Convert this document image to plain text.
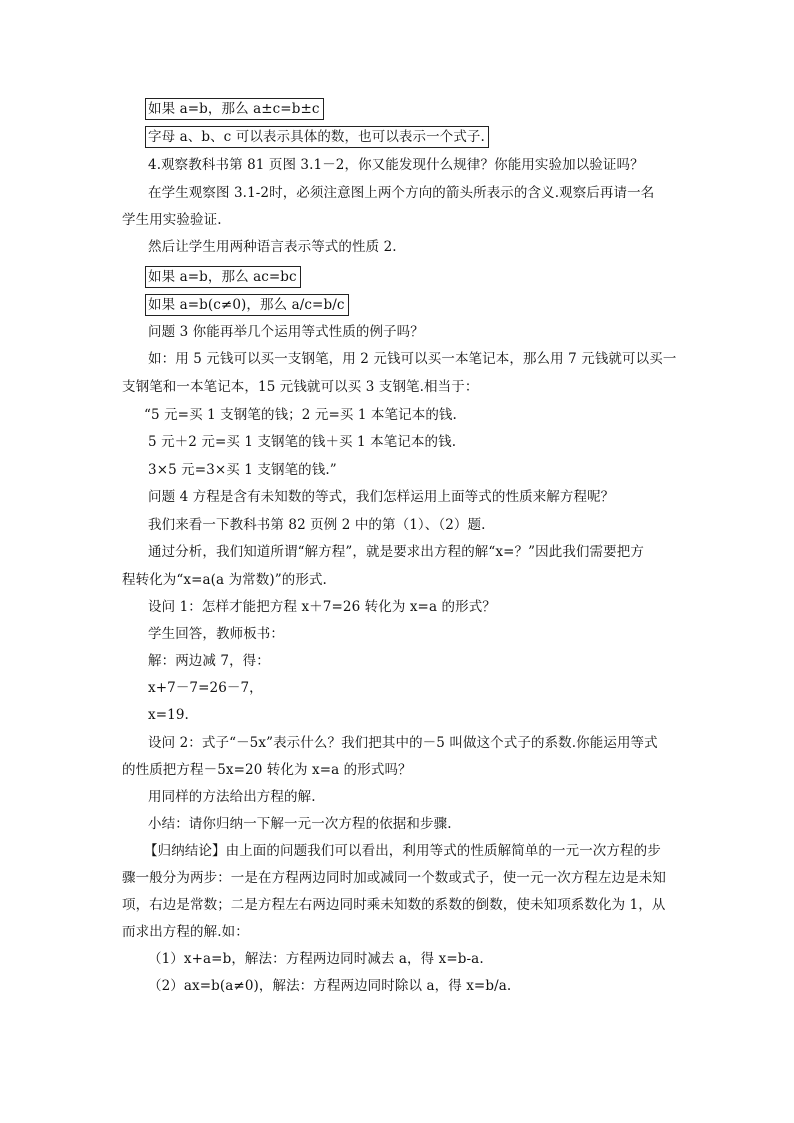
如果 a=b，那么 a±c=b±c
字母 a、b、c 可以表示具体的数，也可以表示一个式子.
4.观察教科书第 81 页图 3.1－2，你又能发现什么规律？你能用实验加以验证吗？
在学生观察图 3.1-2时，必须注意图上两个方向的箭头所表示的含义.观察后再请一名
学生用实验验证.
然后让学生用两种语言表示等式的性质 2.
如果 a=b，那么 ac=bc
如果 a=b(c≠0)，那么 a/c=b/c
问题 3 你能再举几个运用等式性质的例子吗？
如：用 5 元钱可以买一支钢笔，用 2 元钱可以买一本笔记本，那么用 7 元钱就可以买一
支钢笔和一本笔记本，15 元钱就可以买 3 支钢笔.相当于：
“5 元=买 1 支钢笔的钱；2 元=买 1 本笔记本的钱.
5 元＋2 元=买 1 支钢笔的钱＋买 1 本笔记本的钱.
3×5 元=3×买 1 支钢笔的钱.”
问题 4 方程是含有未知数的等式，我们怎样运用上面等式的性质来解方程呢？
我们来看一下教科书第 82 页例 2 中的第（1）、（2）题.
通过分析，我们知道所谓“解方程”，就是要求出方程的解“x=？”因此我们需要把方
程转化为“x=a(a 为常数)”的形式.
设问 1：怎样才能把方程 x＋7=26 转化为 x=a 的形式？
学生回答，教师板书：
解：两边减 7，得：
x+7－7=26－7，
x=19.
设问 2：式子“－5x”表示什么？我们把其中的－5 叫做这个式子的系数.你能运用等式
的性质把方程－5x=20 转化为 x=a 的形式吗？
用同样的方法给出方程的解.
小结：请你归纳一下解一元一次方程的依据和步骤.
【归纳结论】由上面的问题我们可以看出，利用等式的性质解简单的一元一次方程的步
骤一般分为两步：一是在方程两边同时加或减同一个数或式子，使一元一次方程左边是未知
项，右边是常数；二是方程左右两边同时乘未知数的系数的倒数，使未知项系数化为 1，从
而求出方程的解.如：
（1）x+a=b，解法：方程两边同时减去 a，得 x=b-a.
（2）ax=b(a≠0)，解法：方程两边同时除以 a，得 x=b/a.
